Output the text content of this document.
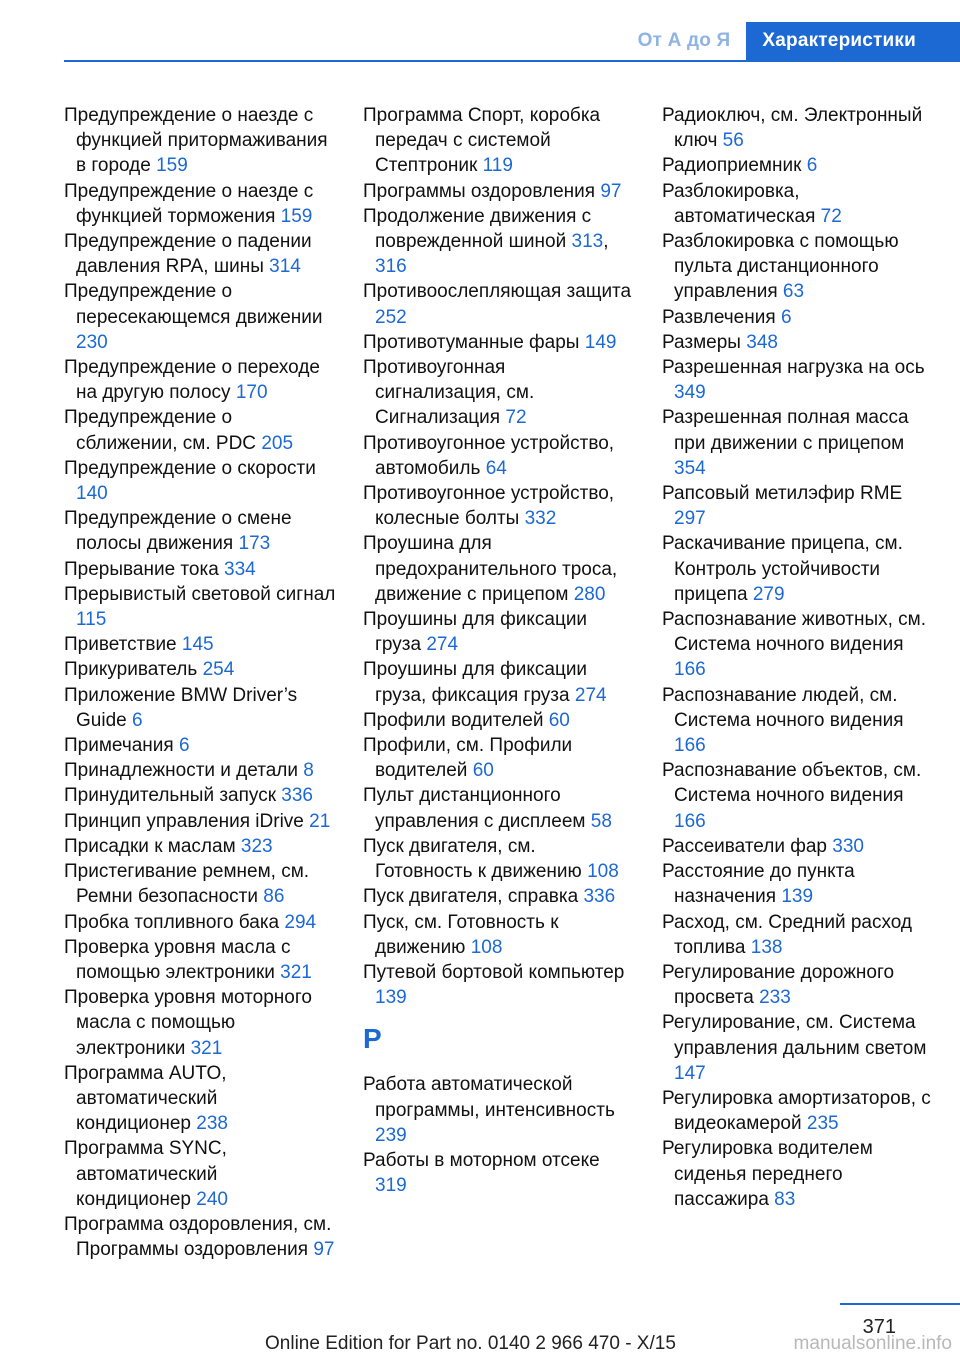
От А до Я	Характеристики
Предупреждение о наезде с функцией притормаживания в городе 159
Предупреждение о наезде с функцией торможения 159
Предупреждение о падении давления RPA, шины 314
Предупреждение о пересекающемся движении 230
Предупреждение о переходе на другую полосу 170
Предупреждение о сближении, см. PDC 205
Предупреждение о скорости 140
Предупреждение о смене полосы движения 173
Прерывание тока 334
Прерывистый световой сигнал 115
Приветствие 145
Прикуриватель 254
Приложение BMW Driver’s Guide 6
Примечания 6
Принадлежности и детали 8
Принудительный запуск 336
Принцип управления iDrive 21
Присадки к маслам 323
Пристегивание ремнем, см. Ремни безопасности 86
Пробка топливного бака 294
Проверка уровня масла с помощью электроники 321
Проверка уровня моторного масла с помощью электроники 321
Программа AUTO, автоматический кондиционер 238
Программа SYNC, автоматический кондиционер 240
Программа оздоровления, см. Программы оздоровления 97
Программа Спорт, коробка передач с системой Стептроник 119
Программы оздоровления 97
Продолжение движения с поврежденной шиной 313, 316
Противоослепляющая защита 252
Противотуманные фары 149
Противоугонная сигнализация, см. Сигнализация 72
Противоугонное устройство, автомобиль 64
Противоугонное устройство, колесные болты 332
Проушина для предохранительного троса, движение с прицепом 280
Проушины для фиксации груза 274
Проушины для фиксации груза, фиксация груза 274
Профили водителей 60
Профили, см. Профили водителей 60
Пульт дистанционного управления с дисплеем 58
Пуск двигателя, см. Готовность к движению 108
Пуск двигателя, справка 336
Пуск, см. Готовность к движению 108
Путевой бортовой компьютер 139
Р
Работа автоматической программы, интенсивность 239
Работы в моторном отсеке 319
Радиоключ, см. Электронный ключ 56
Радиоприемник 6
Разблокировка, автоматическая 72
Разблокировка с помощью пульта дистанционного управления 63
Развлечения 6
Размеры 348
Разрешенная нагрузка на ось 349
Разрешенная полная масса при движении с прицепом 354
Рапсовый метилэфир RME 297
Раскачивание прицепа, см. Контроль устойчивости прицепа 279
Распознавание животных, см. Система ночного видения 166
Распознавание людей, см. Система ночного видения 166
Распознавание объектов, см. Система ночного видения 166
Рассеиватели фар 330
Расстояние до пункта назначения 139
Расход, см. Средний расход топлива 138
Регулирование дорожного просвета 233
Регулирование, см. Система управления дальним светом 147
Регулировка амортизаторов, с видеокамерой 235
Регулировка водителем сиденья переднего пассажира 83
371
Online Edition for Part no. 0140 2 966 470 - X/15	manualsonline.info
